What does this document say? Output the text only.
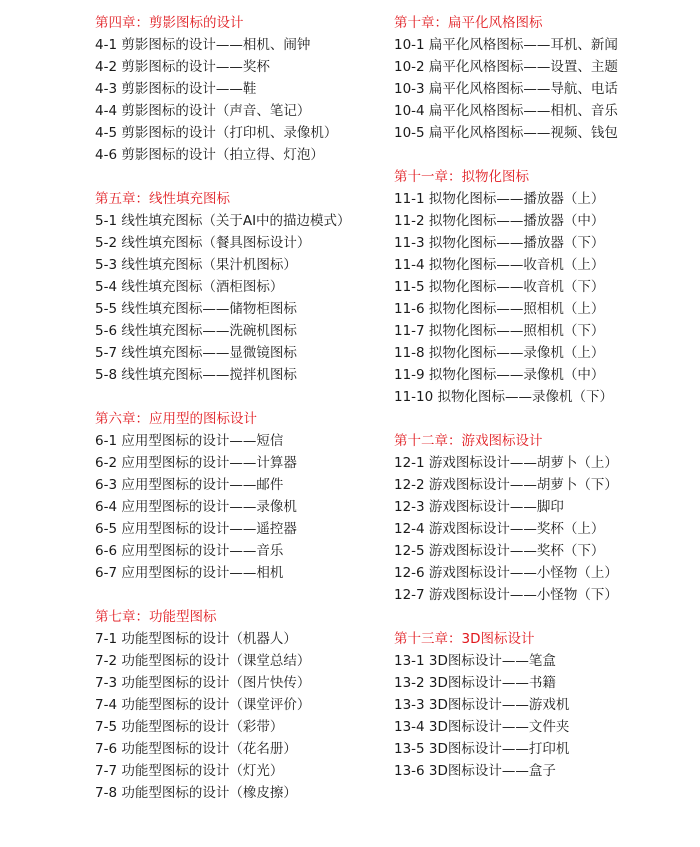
第四章：剪影图标的设计
4-1 剪影图标的设计——相机、闹钟
4-2 剪影图标的设计——奖杯
4-3 剪影图标的设计——鞋
4-4 剪影图标的设计（声音、笔记）
4-5 剪影图标的设计（打印机、录像机）
4-6 剪影图标的设计（拍立得、灯泡）
第五章：线性填充图标
5-1 线性填充图标（关于AI中的描边模式）
5-2 线性填充图标（餐具图标设计）
5-3 线性填充图标（果汁机图标）
5-4 线性填充图标（酒柜图标）
5-5 线性填充图标——储物柜图标
5-6 线性填充图标——洗碗机图标
5-7 线性填充图标——显微镜图标
5-8 线性填充图标——搅拌机图标
第六章：应用型的图标设计
6-1 应用型图标的设计——短信
6-2 应用型图标的设计——计算器
6-3 应用型图标的设计——邮件
6-4 应用型图标的设计——录像机
6-5 应用型图标的设计——遥控器
6-6 应用型图标的设计——音乐
6-7 应用型图标的设计——相机
第七章：功能型图标
7-1 功能型图标的设计（机器人）
7-2 功能型图标的设计（课堂总结）
7-3 功能型图标的设计（图片快传）
7-4 功能型图标的设计（课堂评价）
7-5 功能型图标的设计（彩带）
7-6 功能型图标的设计（花名册）
7-7 功能型图标的设计（灯光）
7-8 功能型图标的设计（橡皮擦）
第十章：扁平化风格图标
10-1 扁平化风格图标——耳机、新闻
10-2 扁平化风格图标——设置、主题
10-3 扁平化风格图标——导航、电话
10-4 扁平化风格图标——相机、音乐
10-5 扁平化风格图标——视频、钱包
第十一章：拟物化图标
11-1 拟物化图标——播放器（上）
11-2 拟物化图标——播放器（中）
11-3 拟物化图标——播放器（下）
11-4 拟物化图标——收音机（上）
11-5 拟物化图标——收音机（下）
11-6 拟物化图标——照相机（上）
11-7 拟物化图标——照相机（下）
11-8 拟物化图标——录像机（上）
11-9 拟物化图标——录像机（中）
11-10 拟物化图标——录像机（下）
第十二章：游戏图标设计
12-1 游戏图标设计——胡萝卜（上）
12-2 游戏图标设计——胡萝卜（下）
12-3 游戏图标设计——脚印
12-4 游戏图标设计——奖杯（上）
12-5 游戏图标设计——奖杯（下）
12-6 游戏图标设计——小怪物（上）
12-7 游戏图标设计——小怪物（下）
第十三章：3D图标设计
13-1 3D图标设计——笔盒
13-2 3D图标设计——书籍
13-3 3D图标设计——游戏机
13-4 3D图标设计——文件夹
13-5 3D图标设计——打印机
13-6 3D图标设计——盒子
